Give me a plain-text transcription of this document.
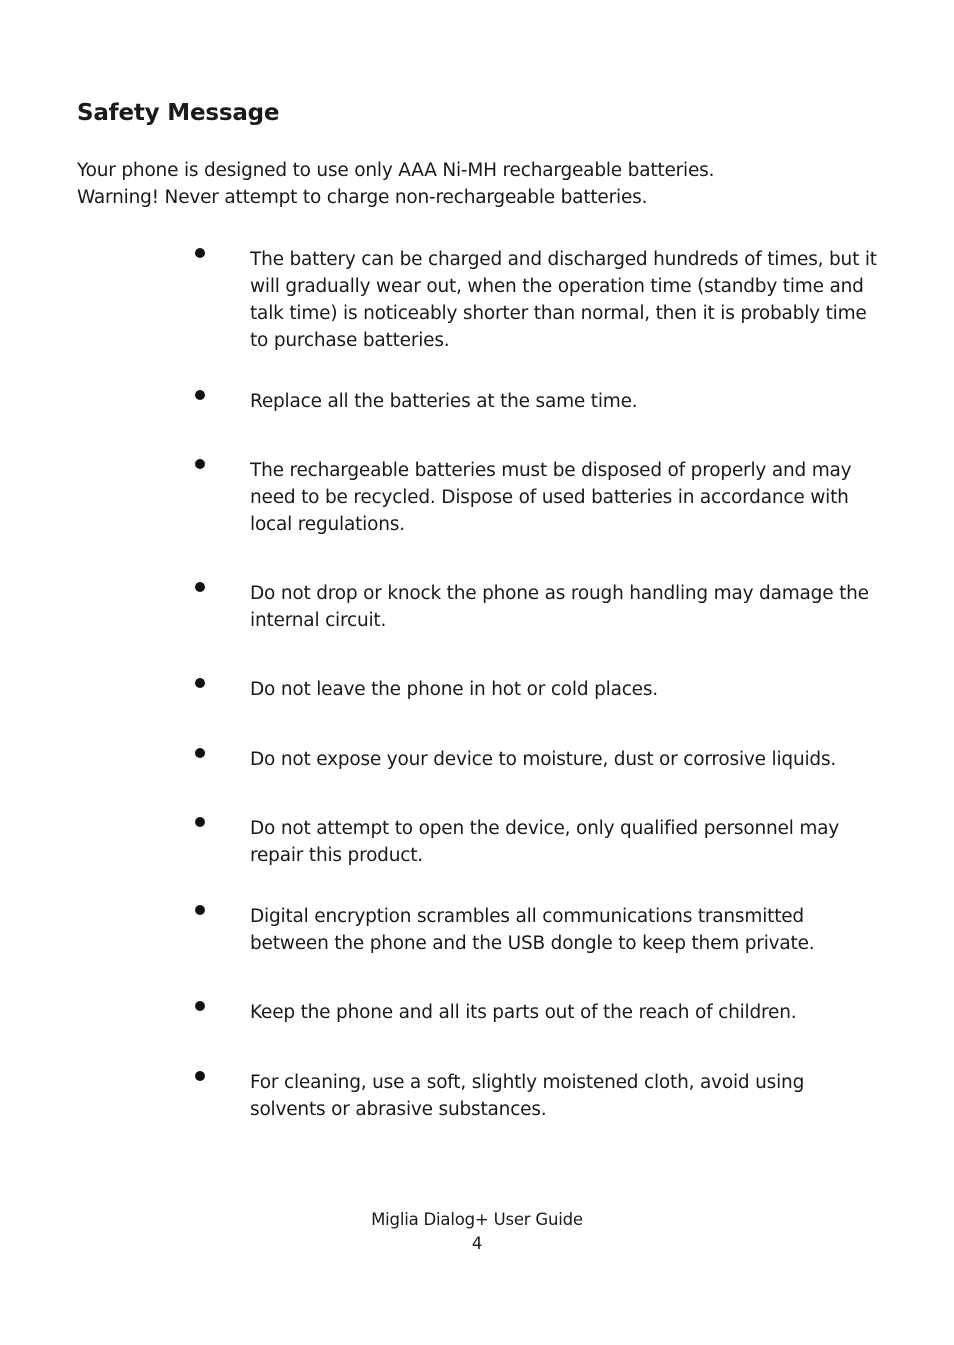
Safety Message

Your phone is designed to use only AAA Ni-MH rechargeable batteries.

Warning! Never attempt to charge non-rechargeable batteries.

The battery can be charged and discharged hundreds of times, but it will gradually wear out, when the operation time (standby time and talk time) is noticeably shorter than normal, then it is probably time to purchase batteries.
Replace all the batteries at the same time.
The rechargeable batteries must be disposed of properly and may need to be recycled. Dispose of used batteries in accordance with local regulations.
Do not drop or knock the phone as rough handling may damage the internal circuit.
Do not leave the phone in hot or cold places.
Do not expose your device to moisture, dust or corrosive liquids.
Do not attempt to open the device, only qualified personnel may repair this product.
Digital encryption scrambles all communications transmitted between the phone and the USB dongle to keep them private.
Keep the phone and all its parts out of the reach of children.
For cleaning, use a soft, slightly moistened cloth, avoid using solvents or abrasive substances.
Miglia Dialog+ User Guide
4
